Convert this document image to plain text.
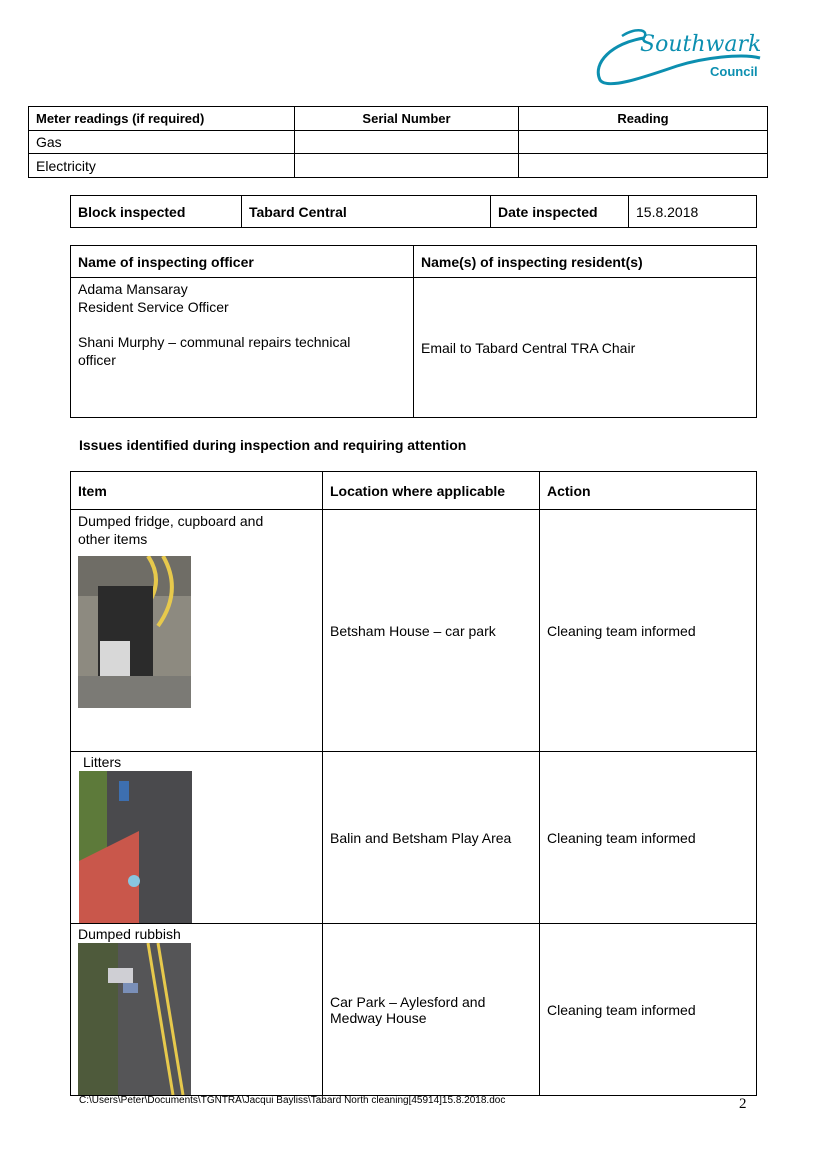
Southwark
Council
Meter readings (if required)	Serial Number	Reading
Gas		
Electricity		
Block inspected	Tabard Central	Date inspected	15.8.2018
Name of inspecting officer	Name(s) of inspecting resident(s)

Adama Mansaray
Resident Service Officer
Shani Murphy – communal repairs technical officer	Email to Tabard Central TRA Chair
Issues identified during inspection and requiring attention
Item	Location where applicable	Action

Dumped fridge, cupboard and other items	Betsham House – car park	Cleaning team informed

Litters	Balin and Betsham Play Area	Cleaning team informed

Dumped rubbish	Car Park – Aylesford and Medway House	Cleaning team informed
C:\Users\Peter\Documents\TGNTRA\Jacqui Bayliss\Tabard North cleaning[45914]15.8.2018.doc	2
